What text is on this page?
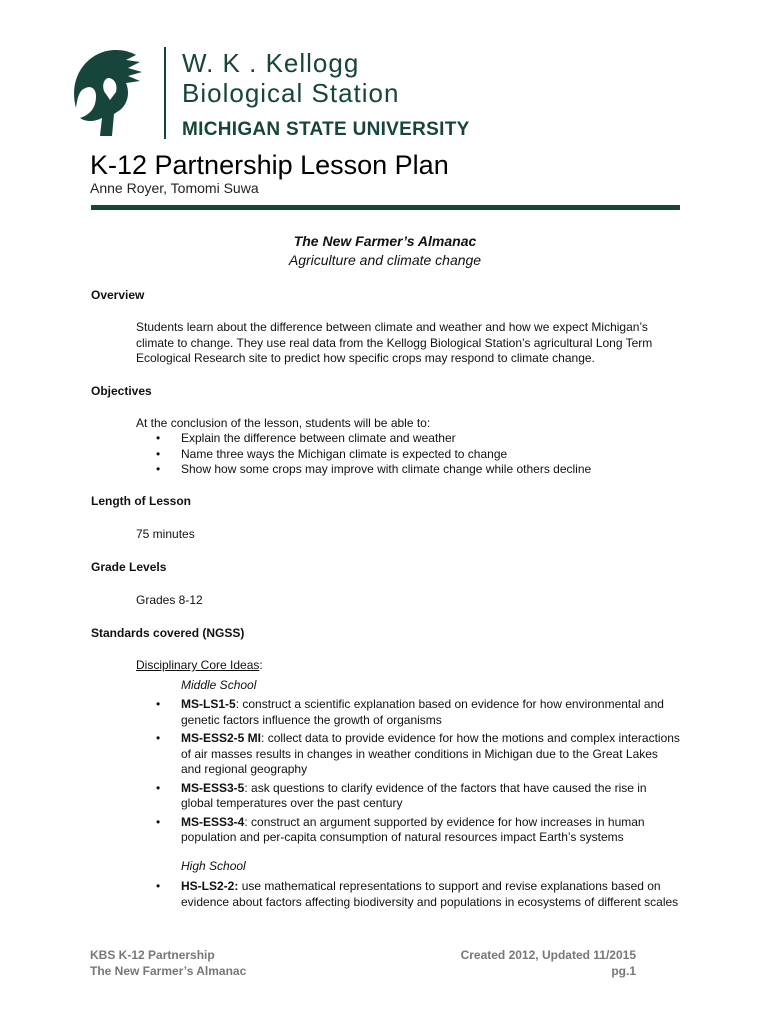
W. K . Kellogg
Biological Station
MICHIGAN STATE UNIVERSITY
K-12 Partnership Lesson Plan
Anne Royer, Tomomi Suwa
The New Farmer’s Almanac
Agriculture and climate change
Overview
Students learn about the difference between climate and weather and how we expect Michigan’s climate to change. They use real data from the Kellogg Biological Station’s agricultural Long Term Ecological Research site to predict how specific crops may respond to climate change.
Objectives
At the conclusion of the lesson, students will be able to:
• Explain the difference between climate and weather
• Name three ways the Michigan climate is expected to change
• Show how some crops may improve with climate change while others decline
Length of Lesson
75 minutes
Grade Levels
Grades 8-12
Standards covered (NGSS)
Disciplinary Core Ideas:
Middle School
• MS-LS1-5: construct a scientific explanation based on evidence for how environmental and genetic factors influence the growth of organisms
• MS-ESS2-5 MI: collect data to provide evidence for how the motions and complex interactions of air masses results in changes in weather conditions in Michigan due to the Great Lakes and regional geography
• MS-ESS3-5: ask questions to clarify evidence of the factors that have caused the rise in global temperatures over the past century
• MS-ESS3-4: construct an argument supported by evidence for how increases in human population and per-capita consumption of natural resources impact Earth’s systems
High School
• HS-LS2-2: use mathematical representations to support and revise explanations based on evidence about factors affecting biodiversity and populations in ecosystems of different scales
KBS K-12 Partnership
The New Farmer’s Almanac
Created 2012, Updated 11/2015
pg.1
